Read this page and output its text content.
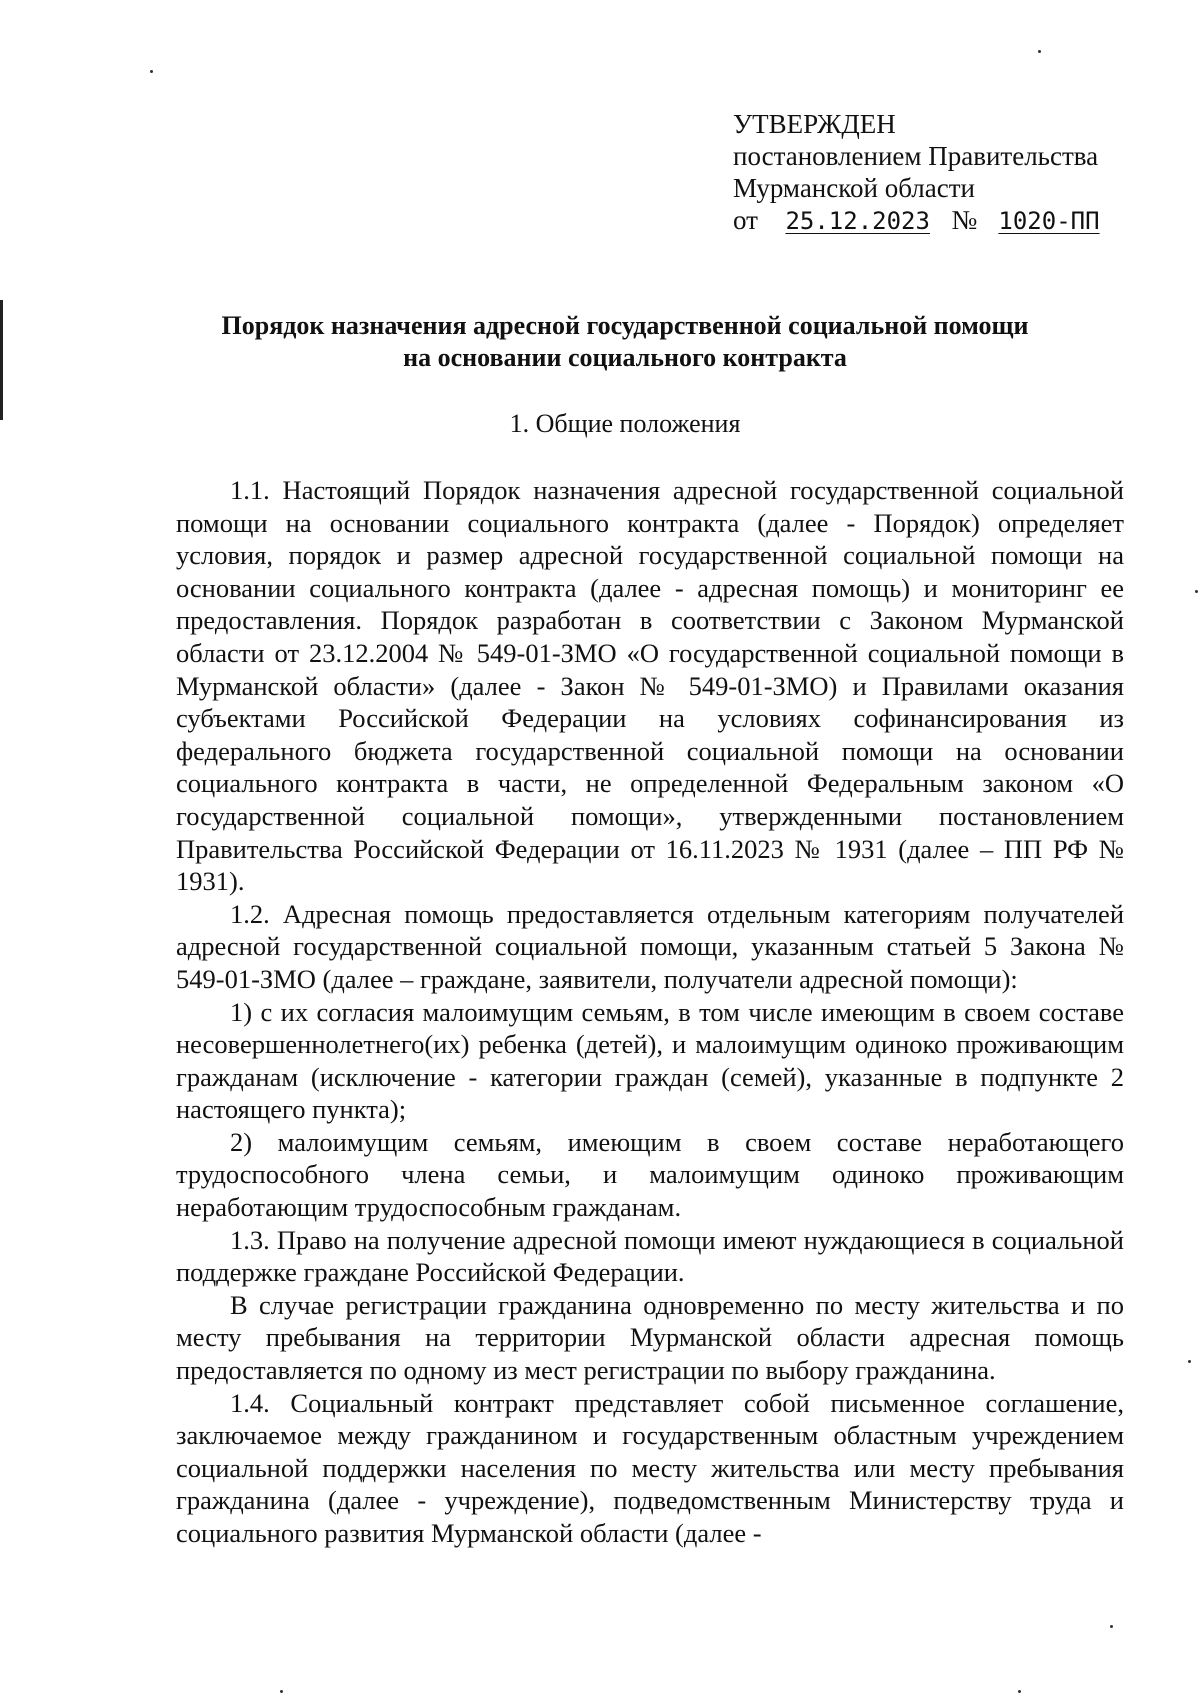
УТВЕРЖДЕН
постановлением Правительства
Мурманской области
от 25.12.2023 № 1020-ПП
Порядок назначения адресной государственной социальной помощи
на основании социального контракта
1. Общие положения

1.1. Настоящий Порядок назначения адресной государственной социальной помощи на основании социального контракта (далее - Порядок) определяет условия, порядок и размер адресной государственной социальной помощи на основании социального контракта (далее - адресная помощь) и мониторинг ее предоставления. Порядок разработан в соответствии с Законом Мурманской области от 23.12.2004 № 549-01-ЗМО «О государственной социальной помощи в Мурманской области» (далее - Закон № 549-01-ЗМО) и Правилами оказания субъектами Российской Федерации на условиях софинансирования из федерального бюджета государственной социальной помощи на основании социального контракта в части, не определенной Федеральным законом «О государственной социальной помощи», утвержденными постановлением Правительства Российской Федерации от 16.11.2023 № 1931 (далее – ПП РФ № 1931).

1.2. Адресная помощь предоставляется отдельным категориям получателей адресной государственной социальной помощи, указанным статьей 5 Закона № 549-01-ЗМО (далее – граждане, заявители, получатели адресной помощи):

1) с их согласия малоимущим семьям, в том числе имеющим в своем составе несовершеннолетнего(их) ребенка (детей), и малоимущим одиноко проживающим гражданам (исключение - категории граждан (семей), указанные в подпункте 2 настоящего пункта);

2) малоимущим семьям, имеющим в своем составе неработающего трудоспособного члена семьи, и малоимущим одиноко проживающим неработающим трудоспособным гражданам.

1.3. Право на получение адресной помощи имеют нуждающиеся в социальной поддержке граждане Российской Федерации.

В случае регистрации гражданина одновременно по месту жительства и по месту пребывания на территории Мурманской области адресная помощь предоставляется по одному из мест регистрации по выбору гражданина.

1.4. Социальный контракт представляет собой письменное соглашение, заключаемое между гражданином и государственным областным учреждением социальной поддержки населения по месту жительства или месту пребывания гражданина (далее - учреждение), подведомственным Министерству труда и социального развития Мурманской области (далее -
